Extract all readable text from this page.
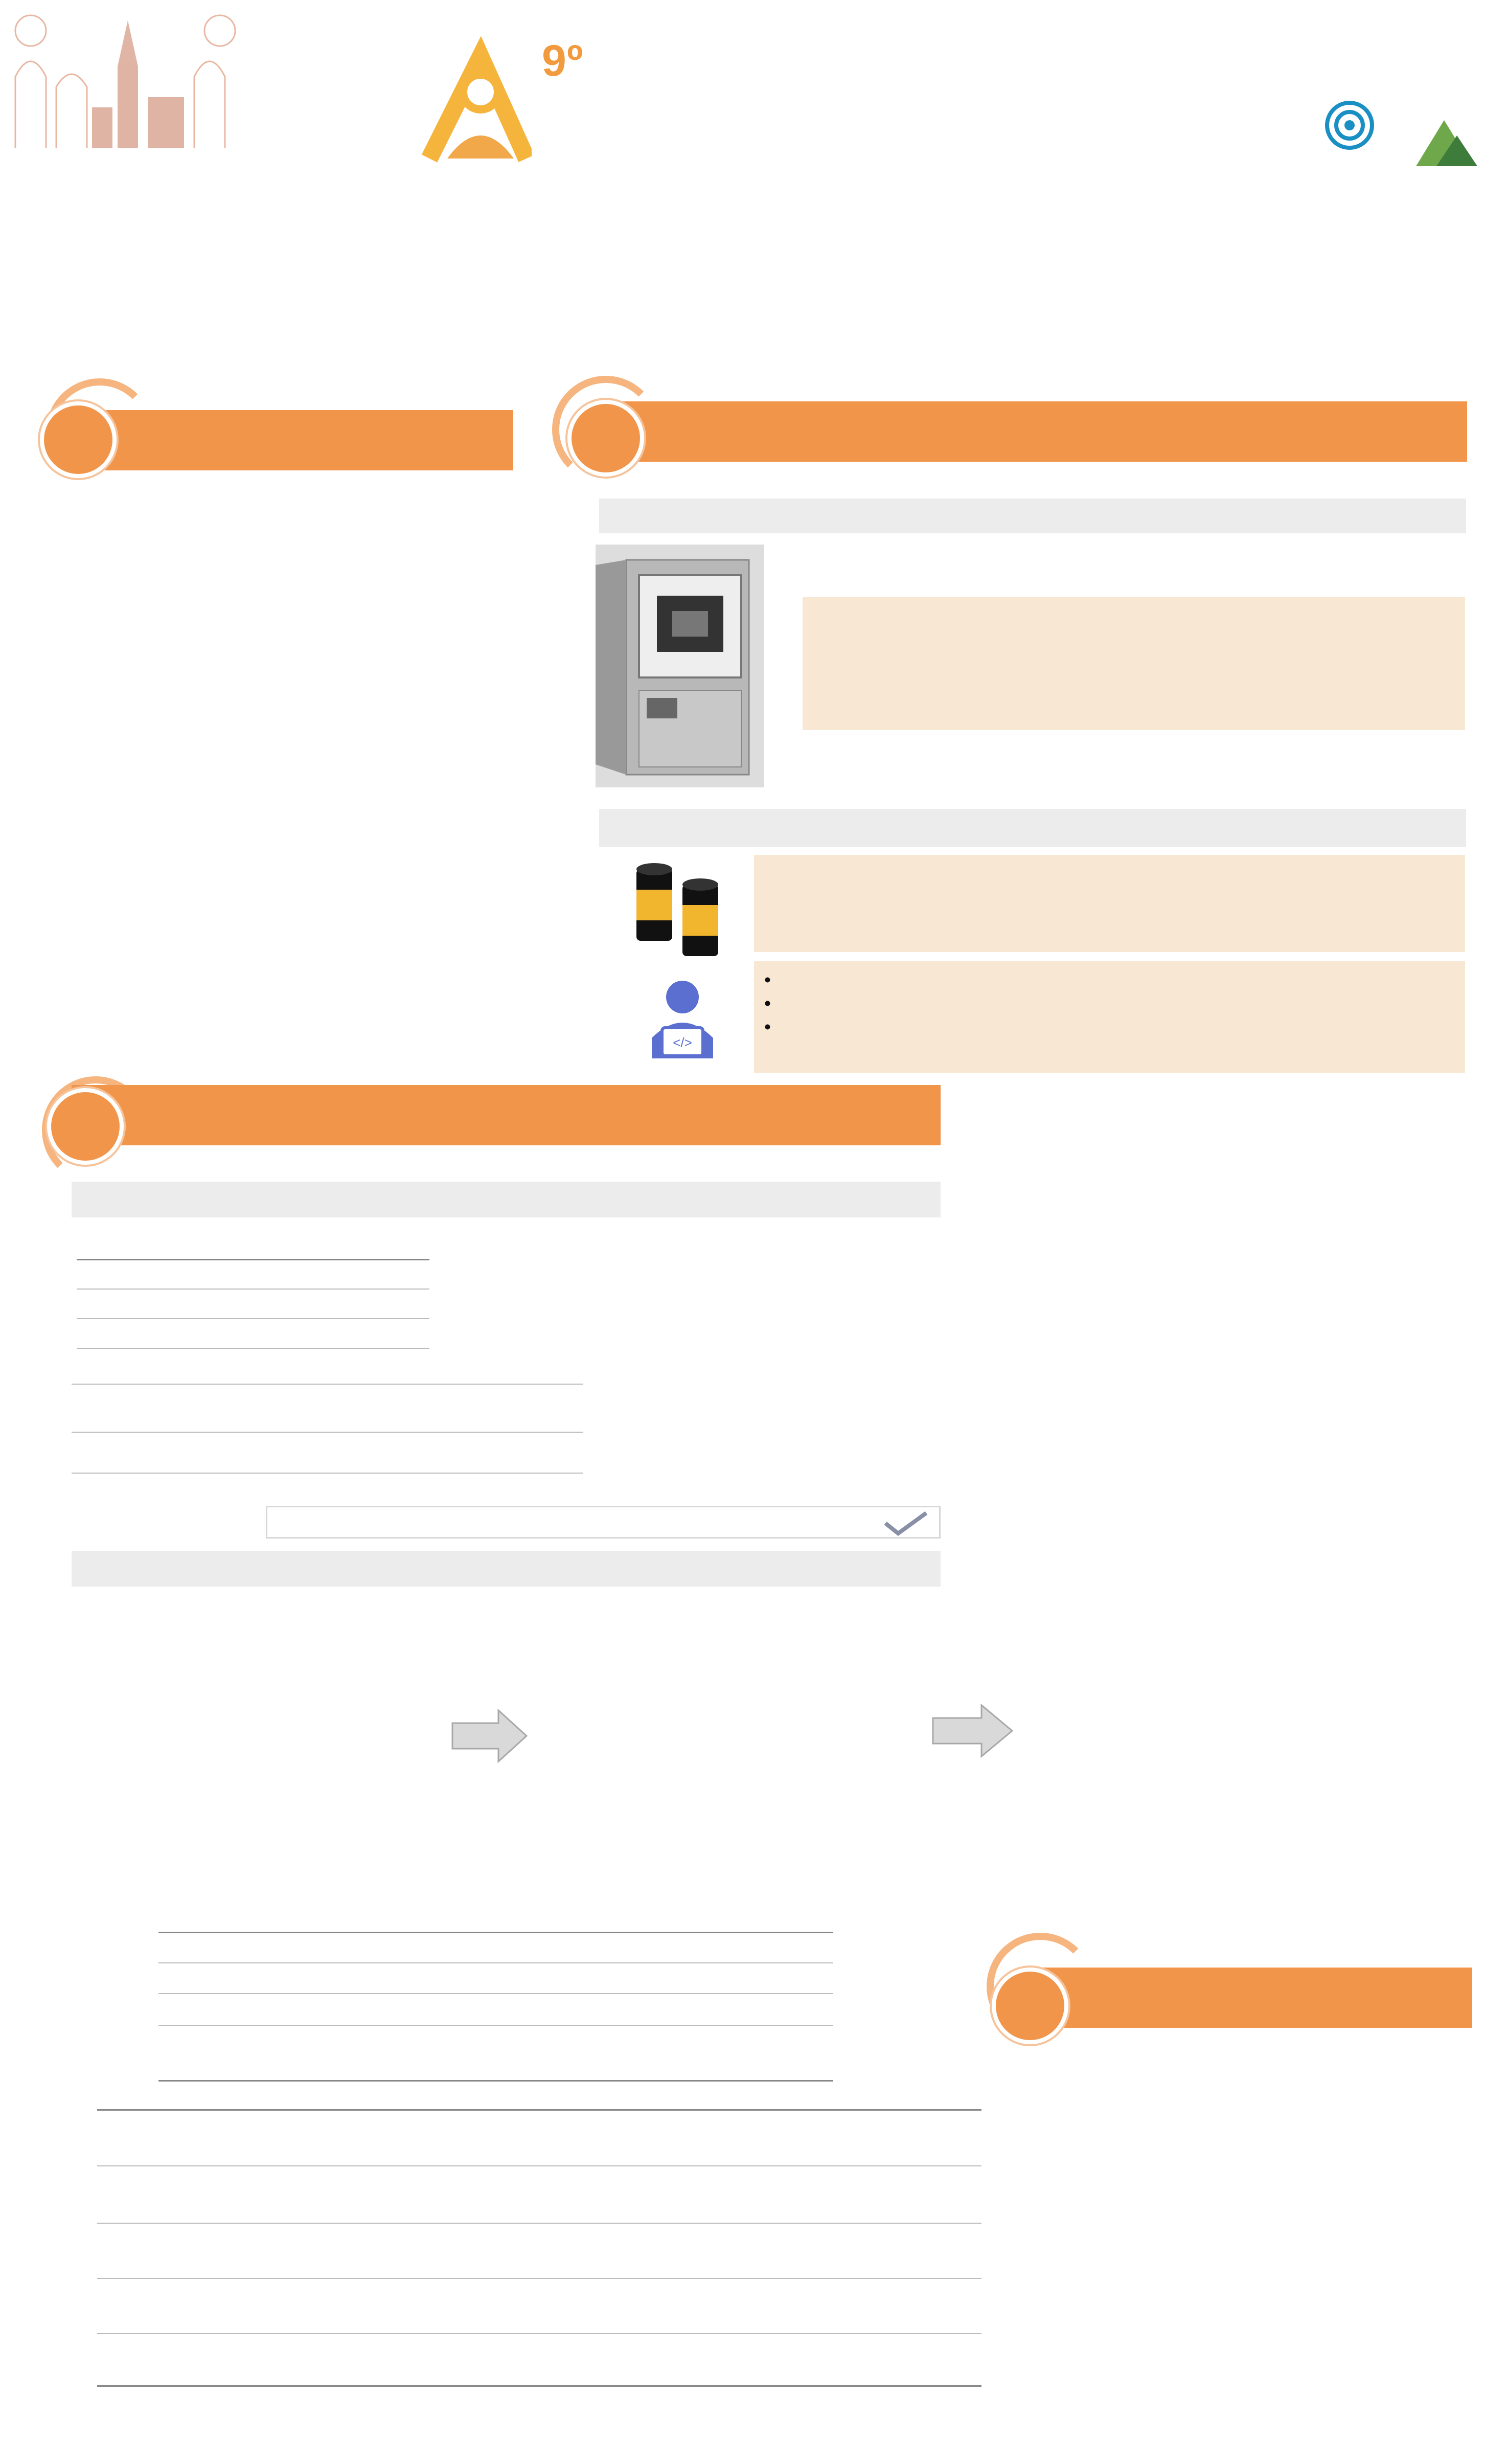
9º

</>

•
•
•
